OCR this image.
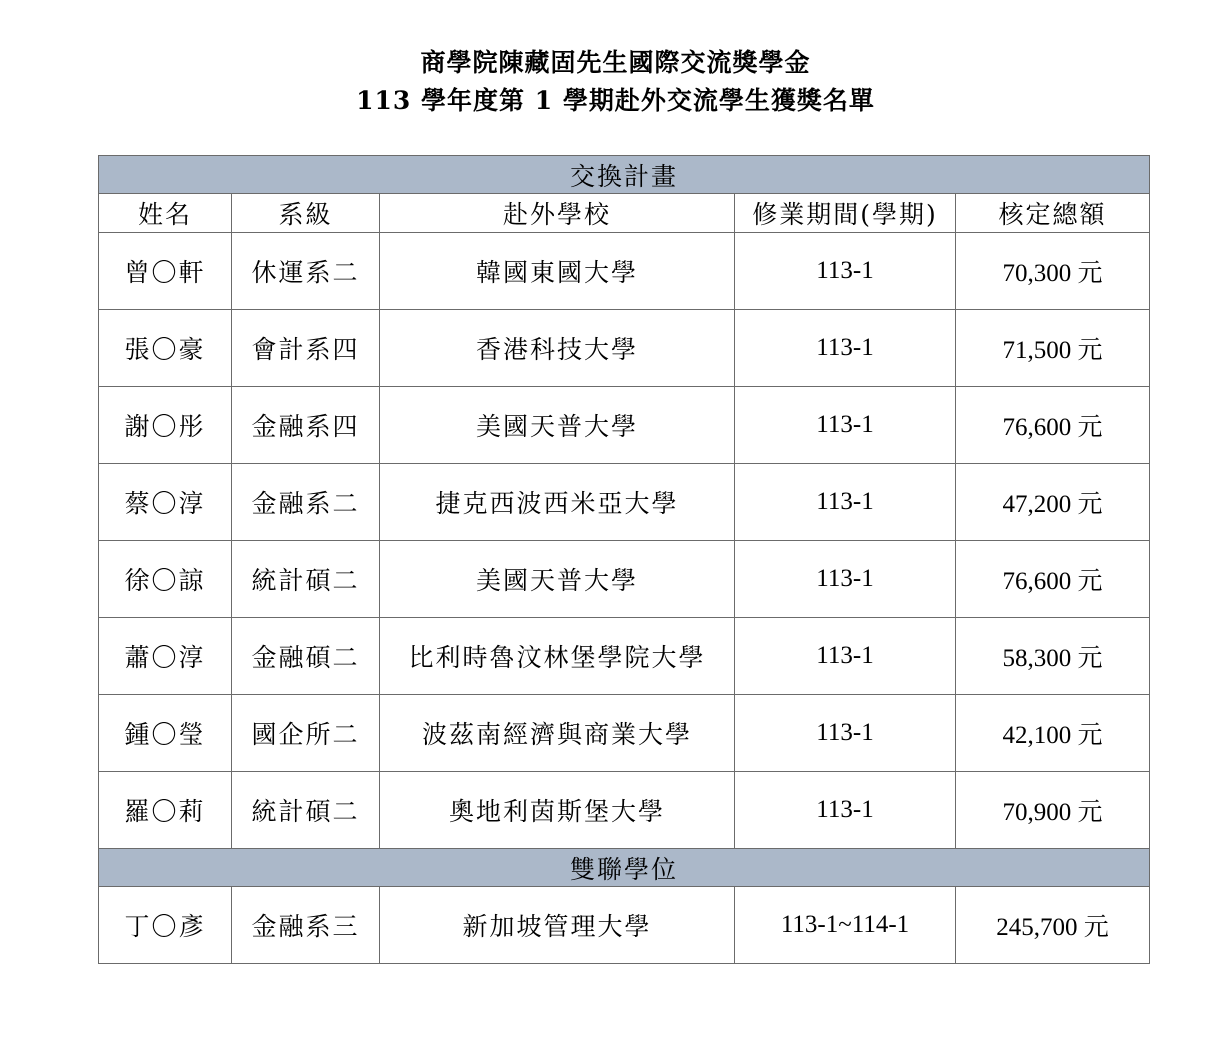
商學院陳藏固先生國際交流獎學金
113 學年度第 1 學期赴外交流學生獲獎名單
交換計畫				
姓名	系級	赴外學校	修業期間(學期)	核定總額
曾〇軒	休運系二	韓國東國大學	113-1	70,300 元
張〇豪	會計系四	香港科技大學	113-1	71,500 元
謝〇彤	金融系四	美國天普大學	113-1	76,600 元
蔡〇淳	金融系二	捷克西波西米亞大學	113-1	47,200 元
徐〇諒	統計碩二	美國天普大學	113-1	76,600 元
蕭〇淳	金融碩二	比利時魯汶林堡學院大學	113-1	58,300 元
鍾〇瑩	國企所二	波茲南經濟與商業大學	113-1	42,100 元
羅〇莉	統計碩二	奧地利茵斯堡大學	113-1	70,900 元
雙聯學位				
丁〇彥	金融系三	新加坡管理大學	113-1~114-1	245,700 元
